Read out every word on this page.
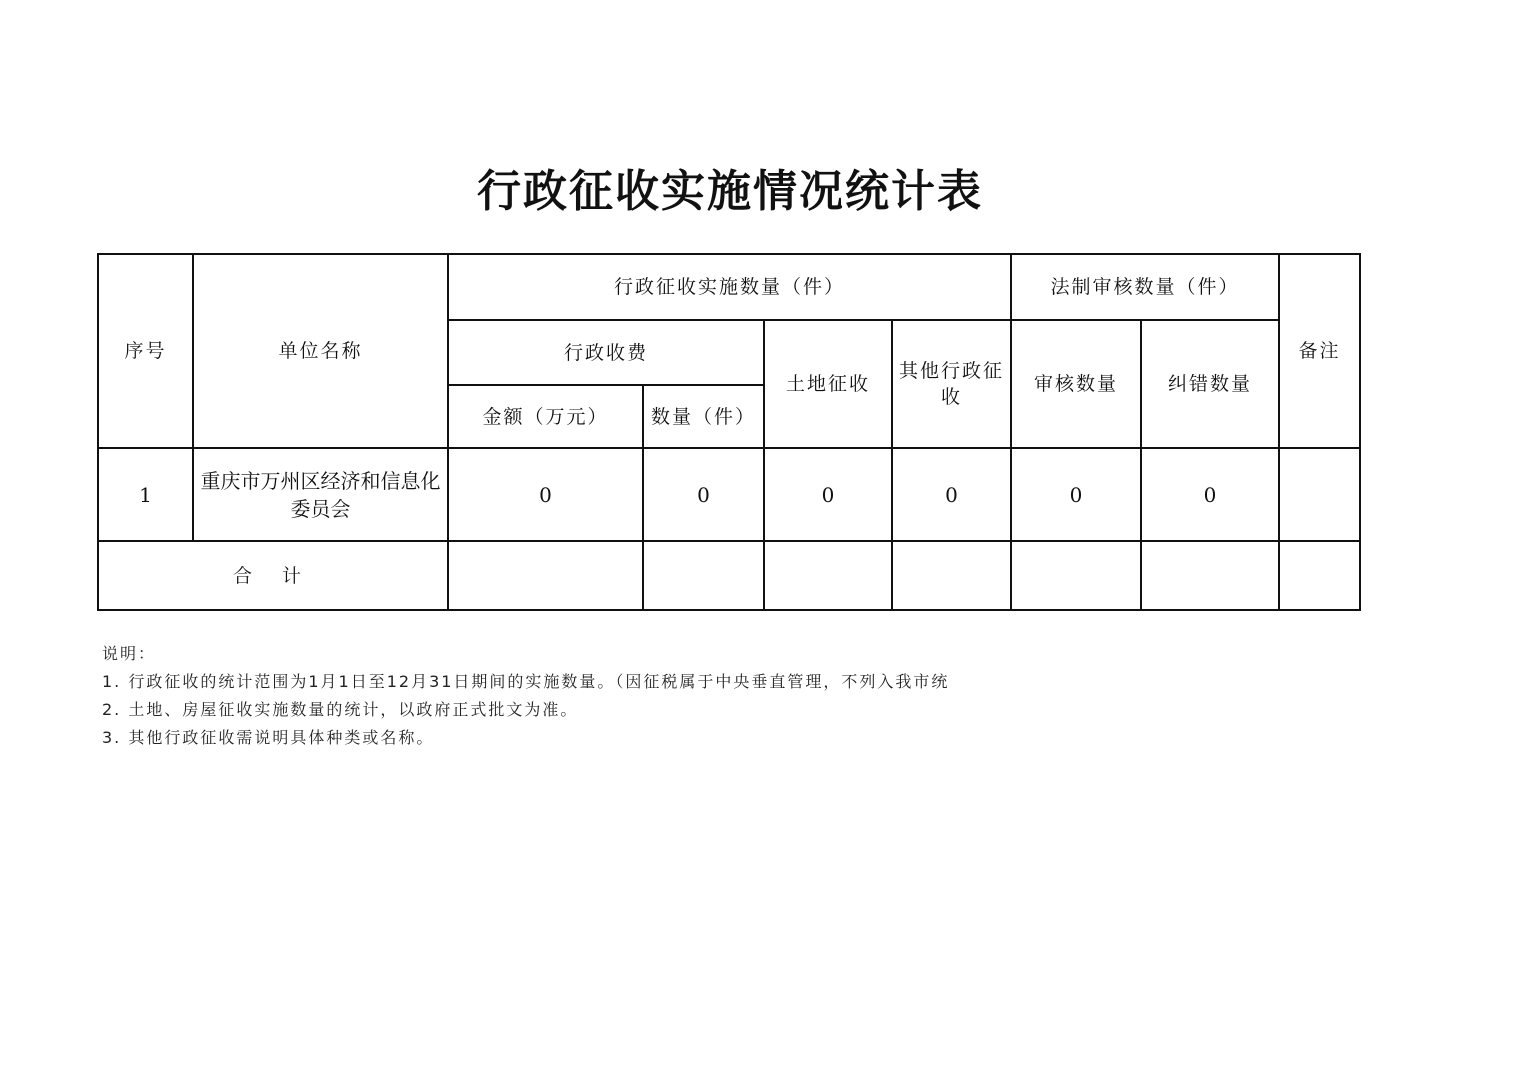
行政征收实施情况统计表
序号	单位名称	行政征收实施数量（件）				法制审核数量（件）		备注
		行政收费		土地征收	其他行政征收	审核数量	纠错数量	
		金额（万元）	数量（件）					
1	重庆市万州区经济和信息化委员会	0	0	0	0	0	0	
合 计								
说明：
1. 行政征收的统计范围为1月1日至12月31日期间的实施数量。（因征税属于中央垂直管理，不列入我市统
2. 土地、房屋征收实施数量的统计，以政府正式批文为准。
3. 其他行政征收需说明具体种类或名称。
